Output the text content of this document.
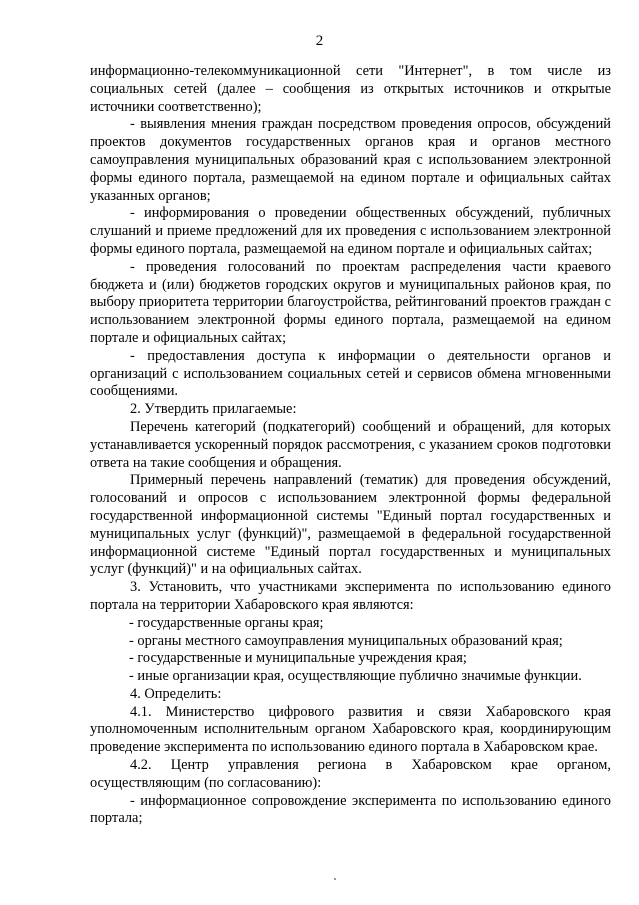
2

информационно-телекоммуникационной сети "Интернет", в том числе из социальных сетей (далее – сообщения из открытых источников и открытые источники соответственно);

- выявления мнения граждан посредством проведения опросов, обсуждений проектов документов государственных органов края и органов местного самоуправления муниципальных образований края с использованием электронной формы единого портала, размещаемой на едином портале и официальных сайтах указанных органов;

- информирования о проведении общественных обсуждений, публичных слушаний и приеме предложений для их проведения с использованием электронной формы единого портала, размещаемой на едином портале и официальных сайтах;

- проведения голосований по проектам распределения части краевого бюджета и (или) бюджетов городских округов и муниципальных районов края, по выбору приоритета территории благоустройства, рейтингований проектов граждан с использованием электронной формы единого портала, размещаемой на едином портале и официальных сайтах;

- предоставления доступа к информации о деятельности органов и организаций с использованием социальных сетей и сервисов обмена мгновенными сообщениями.

2. Утвердить прилагаемые:

Перечень категорий (подкатегорий) сообщений и обращений, для которых устанавливается ускоренный порядок рассмотрения, с указанием сроков подготовки ответа на такие сообщения и обращения.

Примерный перечень направлений (тематик) для проведения обсуждений, голосований и опросов с использованием электронной формы федеральной государственной информационной системы "Единый портал государственных и муниципальных услуг (функций)", размещаемой в федеральной государственной информационной системе "Единый портал государственных и муниципальных услуг (функций)" и на официальных сайтах.

3. Установить, что участниками эксперимента по использованию единого портала на территории Хабаровского края являются:

- государственные органы края;

- органы местного самоуправления муниципальных образований края;

- государственные и муниципальные учреждения края;

- иные организации края, осуществляющие публично значимые функции.

4. Определить:

4.1. Министерство цифрового развития и связи Хабаровского края уполномоченным исполнительным органом Хабаровского края, координирующим проведение эксперимента по использованию единого портала в Хабаровском крае.

4.2. Центр управления региона в Хабаровском крае органом, осуществляющим (по согласованию):

- информационное сопровождение эксперимента по использованию единого портала;
